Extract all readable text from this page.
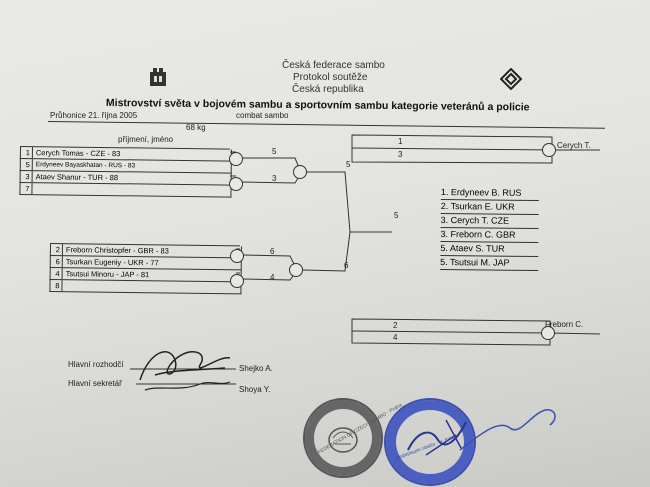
Česká federace sambo
Protokol soutěže
Česká republika
Mistrovství světa v bojovém sambu a sportovním sambu kategorie veteránů a policie
Průhonice 21. října 2005	combat sambo
68 kg
příjmení, jméno
1 Cerych Tomas - CZE - 83
5 Erdyneev Bayaskhatan - RUS - 83
3 Ataev Shanur - TUR - 88
7
2 Freborn Christopfer - GBR - 83
6 Tsurkan Eugeniy - UKR - 77
4 Tsutsui Minoru - JAP - 81
8
5
3
5
6
4
6
5
1
3
Cerych T.
2
4
Freborn C.
1. Erdyneev B. RUS
2. Tsurkan E. UKR
3. Cerych T. CZE
3. Freborn C. GBR
5. Ataev S. TUR
5. Tsutsui M. JAP
Hlavní rozhodčí	Shejko A.
Hlavní sekretář
Shoya Y.
FEDERATION OF CZECH SAMBO · Praha
Федерация самбо · м. Київ
